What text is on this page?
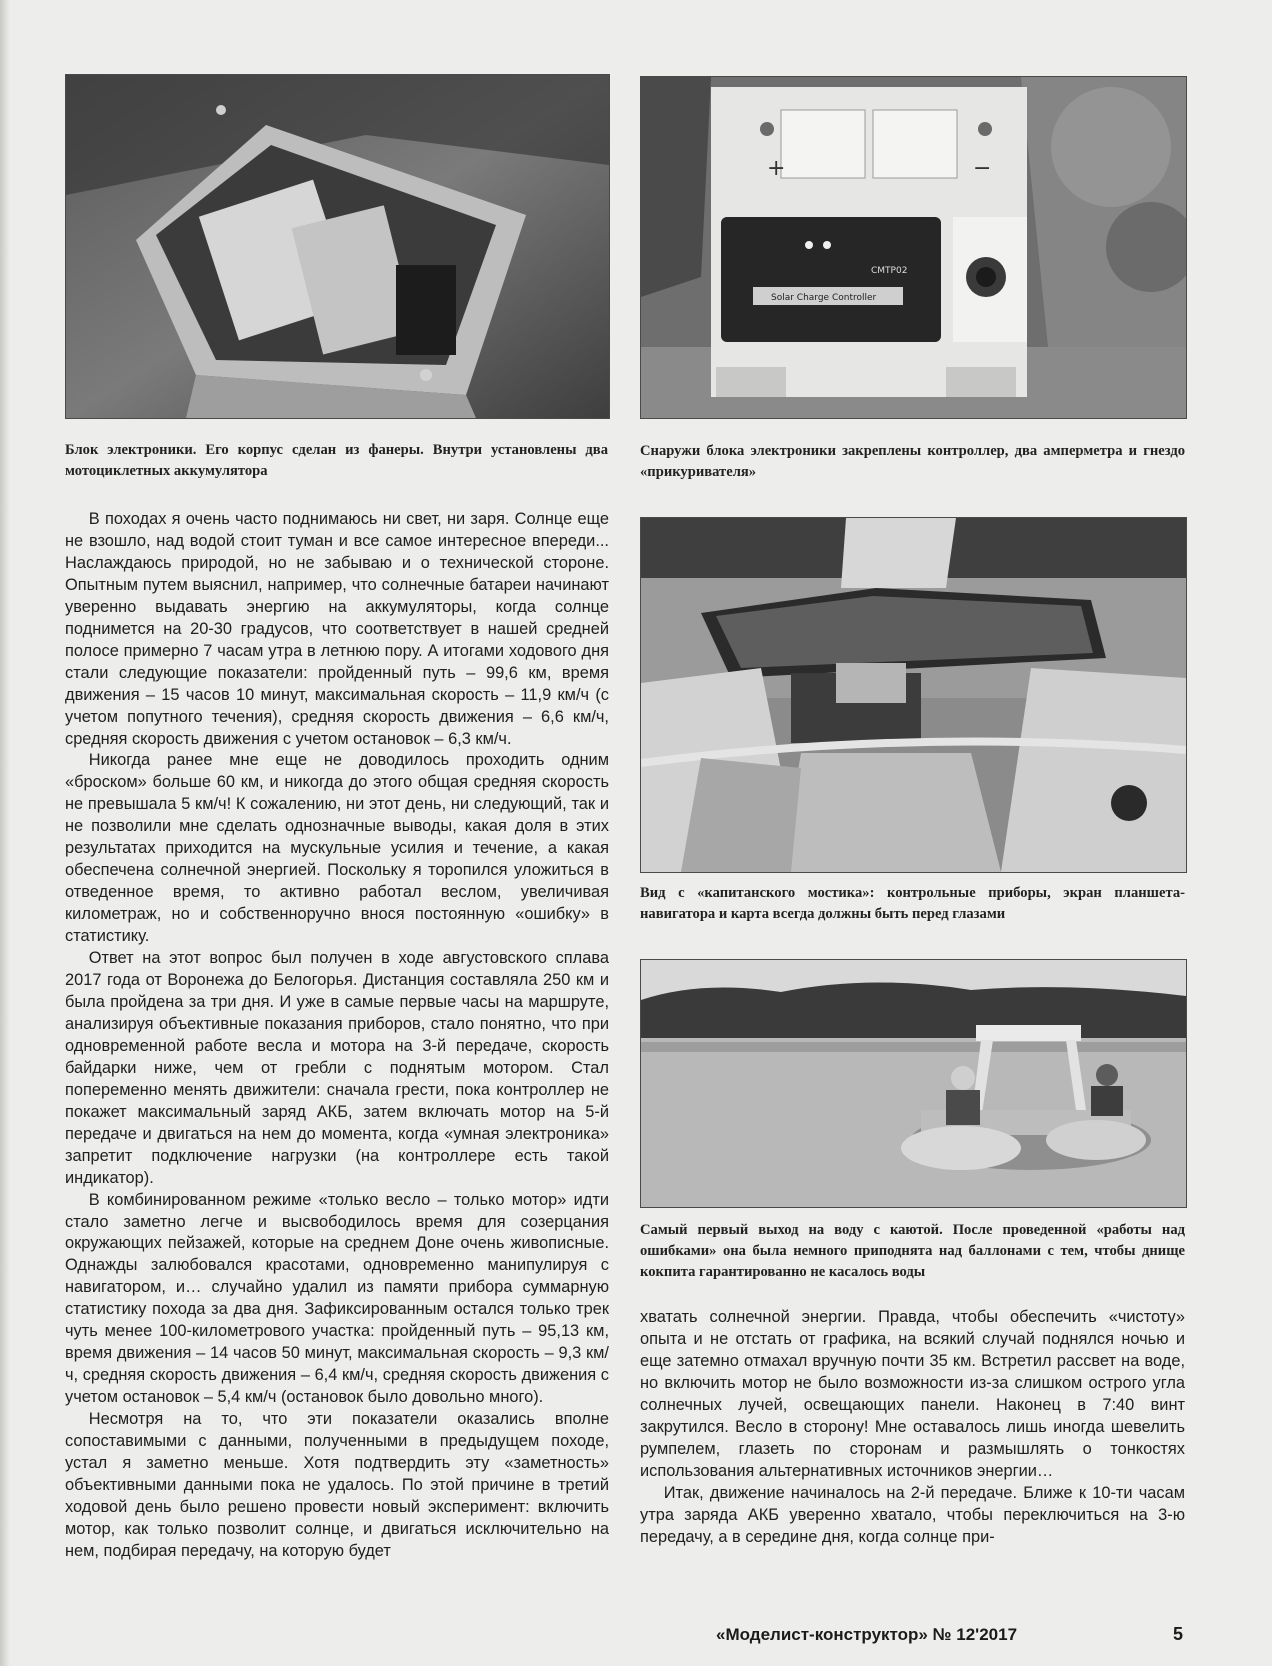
+	−
CMTP02
Solar Charge Controller
Блок электроники. Его корпус сделан из фанеры. Внутри установлены два мотоциклетных аккумулятора
Снаружи блока электроники закреплены контроллер, два амперметра и гнездо «прикуривателя»
Вид с «капитанского мостика»: контрольные приборы, экран планшета-навигатора и карта всегда должны быть перед глазами
Самый первый выход на воду с каютой. После проведенной «работы над ошибками» она была немного приподнята над баллонами с тем, чтобы днище кокпита гарантированно не касалось воды

В походах я очень часто поднимаюсь ни свет, ни заря. Солнце еще не взошло, над водой стоит туман и все самое интересное впереди... Наслаждаюсь природой, но не забываю и о технической стороне. Опытным путем выяснил, например, что солнечные батареи начинают уверенно выдавать энергию на аккумуляторы, когда солнце поднимется на 20-30 градусов, что соответствует в нашей средней полосе примерно 7 часам утра в летнюю пору. А итогами ходового дня стали следующие показатели: пройденный путь – 99,6 км, время движения – 15 часов 10 минут, максимальная скорость – 11,9 км/ч (с учетом попутного течения), средняя скорость движения – 6,6 км/ч, средняя скорость движения с учетом остановок – 6,3 км/ч.

Никогда ранее мне еще не доводилось проходить одним «броском» больше 60 км, и никогда до этого общая средняя скорость не превышала 5 км/ч! К сожалению, ни этот день, ни следующий, так и не позволили мне сделать однозначные выводы, какая доля в этих результатах приходится на мускульные усилия и течение, а какая обеспечена солнечной энергией. Поскольку я торопился уложиться в отведенное время, то активно работал веслом, увеличивая километраж, но и собственноручно внося постоянную «ошибку» в статистику.

Ответ на этот вопрос был получен в ходе августовского сплава 2017 года от Воронежа до Белогорья. Дистанция составляла 250 км и была пройдена за три дня. И уже в самые первые часы на маршруте, анализируя объективные показания приборов, стало понятно, что при одновременной работе весла и мотора на 3-й передаче, скорость байдарки ниже, чем от гребли с поднятым мотором. Стал попеременно менять движители: сначала грести, пока контроллер не покажет максимальный заряд АКБ, затем включать мотор на 5-й передаче и двигаться на нем до момента, когда «умная электроника» запретит подключение нагрузки (на контроллере есть такой индикатор).

В комбинированном режиме «только весло – только мотор» идти стало заметно легче и высвободилось время для созерцания окружающих пейзажей, которые на среднем Доне очень живописные. Однажды залюбовался красотами, одновременно манипулируя с навигатором, и… случайно удалил из памяти прибора суммарную статистику похода за два дня. Зафиксированным остался только трек чуть менее 100-километрового участка: пройденный путь – 95,13 км, время движения – 14 часов 50 минут, максимальная скорость – 9,3 км/ч, средняя скорость движения – 6,4 км/ч, средняя скорость движения с учетом остановок – 5,4 км/ч (остановок было довольно много).

Несмотря на то, что эти показатели оказались вполне сопоставимыми с данными, полученными в предыдущем походе, устал я заметно меньше. Хотя подтвердить эту «заметность» объективными данными пока не удалось. По этой причине в третий ходовой день было решено провести новый эксперимент: включить мотор, как только позволит солнце, и двигаться исключительно на нем, подбирая передачу, на которую будет

хватать солнечной энергии. Правда, чтобы обеспечить «чистоту» опыта и не отстать от графика, на всякий случай поднялся ночью и еще затемно отмахал вручную почти 35 км. Встретил рассвет на воде, но включить мотор не было возможности из-за слишком острого угла солнечных лучей, освещающих панели. Наконец в 7:40 винт закрутился. Весло в сторону! Мне оставалось лишь иногда шевелить румпелем, глазеть по сторонам и размышлять о тонкостях использования альтернативных источников энергии…

Итак, движение начиналось на 2-й передаче. Ближе к 10-ти часам утра заряда АКБ уверенно хватало, чтобы переключиться на 3-ю передачу, а в середине дня, когда солнце при-

«Моделист-конструктор» № 12'2017	5
